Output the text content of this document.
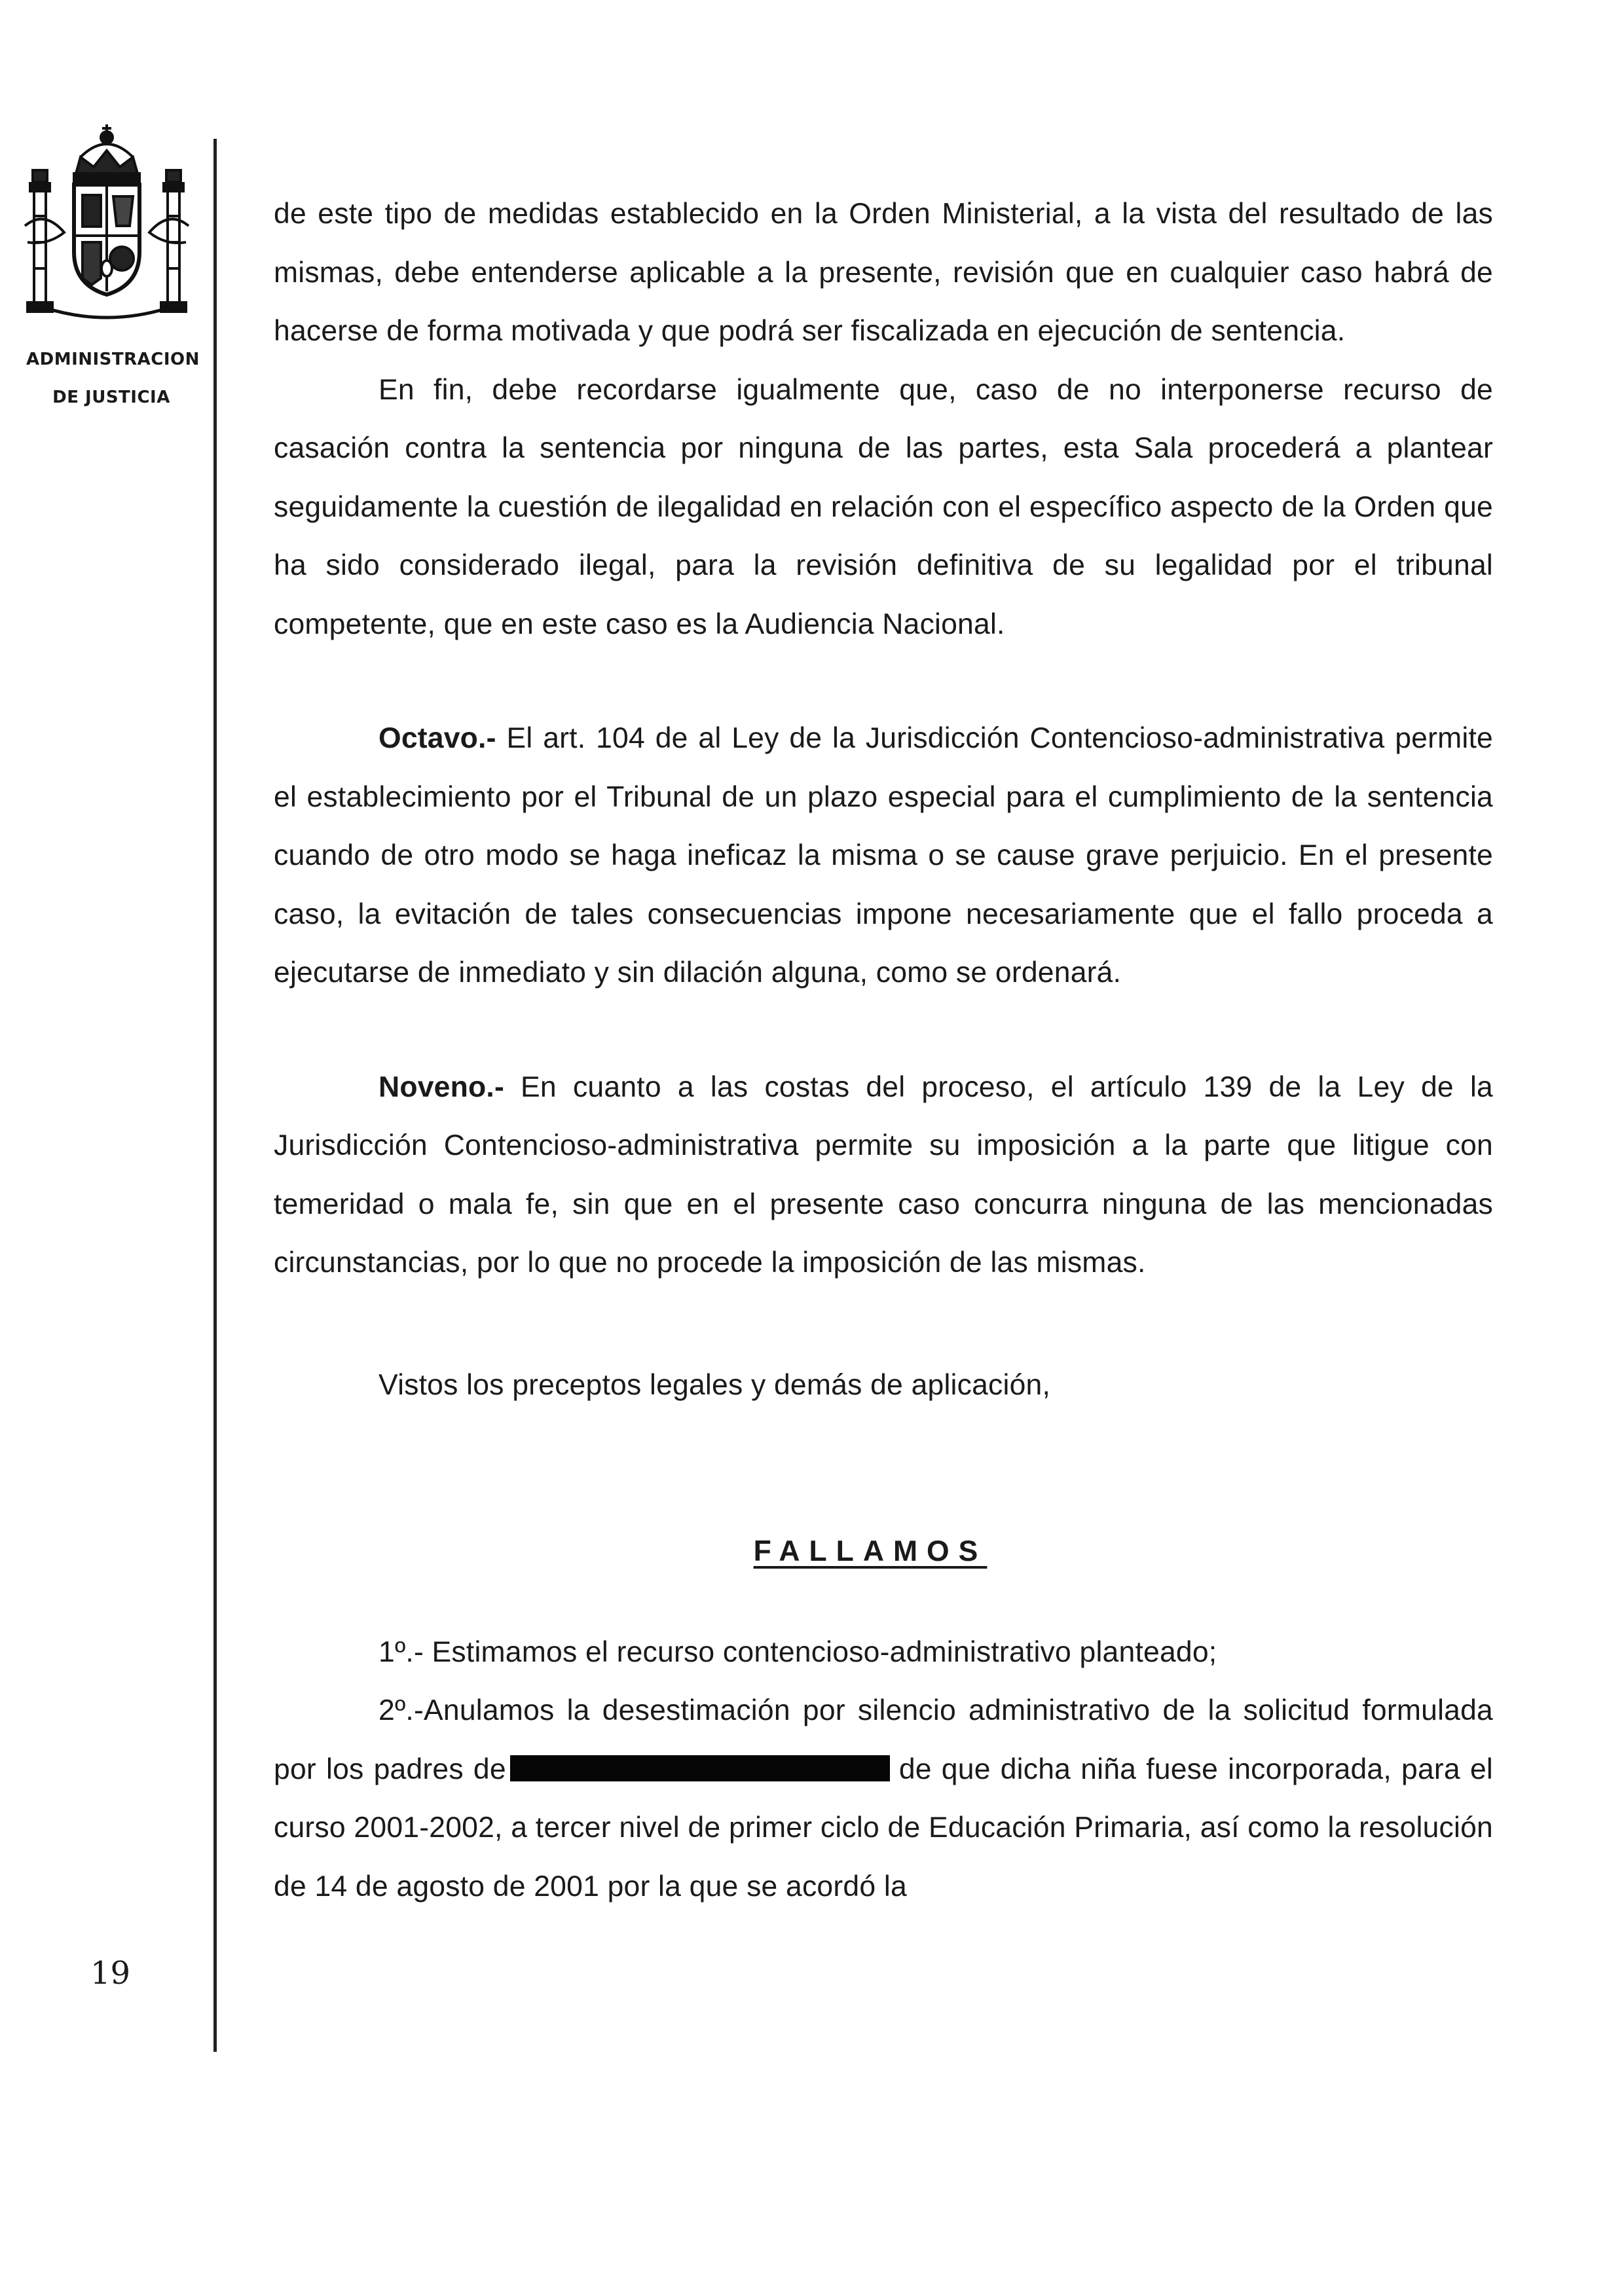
ADMINISTRACION
DE JUSTICIA
19

de este tipo de medidas establecido en la Orden Ministerial, a la vista del resultado de las mismas, debe entenderse aplicable a la presente, revisión que en cualquier caso habrá de hacerse de forma motivada y que podrá ser fiscalizada en ejecución de sentencia.

En fin, debe recordarse igualmente que, caso de no interponerse recurso de casación contra la sentencia por ninguna de las partes, esta Sala procederá a plantear seguidamente la cuestión de ilegalidad en relación con el específico aspecto de la Orden que ha sido considerado ilegal, para la revisión definitiva de su legalidad por el tribunal competente, que en este caso es la Audiencia Nacional.

Octavo.- El art. 104 de al Ley de la Jurisdicción Contencioso-administrativa permite el establecimiento por el Tribunal de un plazo especial para el cumplimiento de la sentencia cuando de otro modo se haga ineficaz la misma o se cause grave perjuicio. En el presente caso, la evitación de tales consecuencias impone necesariamente que el fallo proceda a ejecutarse de inmediato y sin dilación alguna, como se ordenará.

Noveno.- En cuanto a las costas del proceso, el artículo 139 de la Ley de la Jurisdicción Contencioso-administrativa permite su imposición a la parte que litigue con temeridad o mala fe, sin que en el presente caso concurra ninguna de las mencionadas circunstancias, por lo que no procede la imposición de las mismas.

Vistos los preceptos legales y demás de aplicación,

FALLAMOS

1º.- Estimamos el recurso contencioso-administrativo planteado;

2º.-Anulamos la desestimación por silencio administrativo de la solicitud formulada por los padres de	de que dicha niña fuese incorporada, para el curso 2001-2002, a tercer nivel de primer ciclo de Educación Primaria, así como la resolución de 14 de agosto de 2001 por la que se acordó la
